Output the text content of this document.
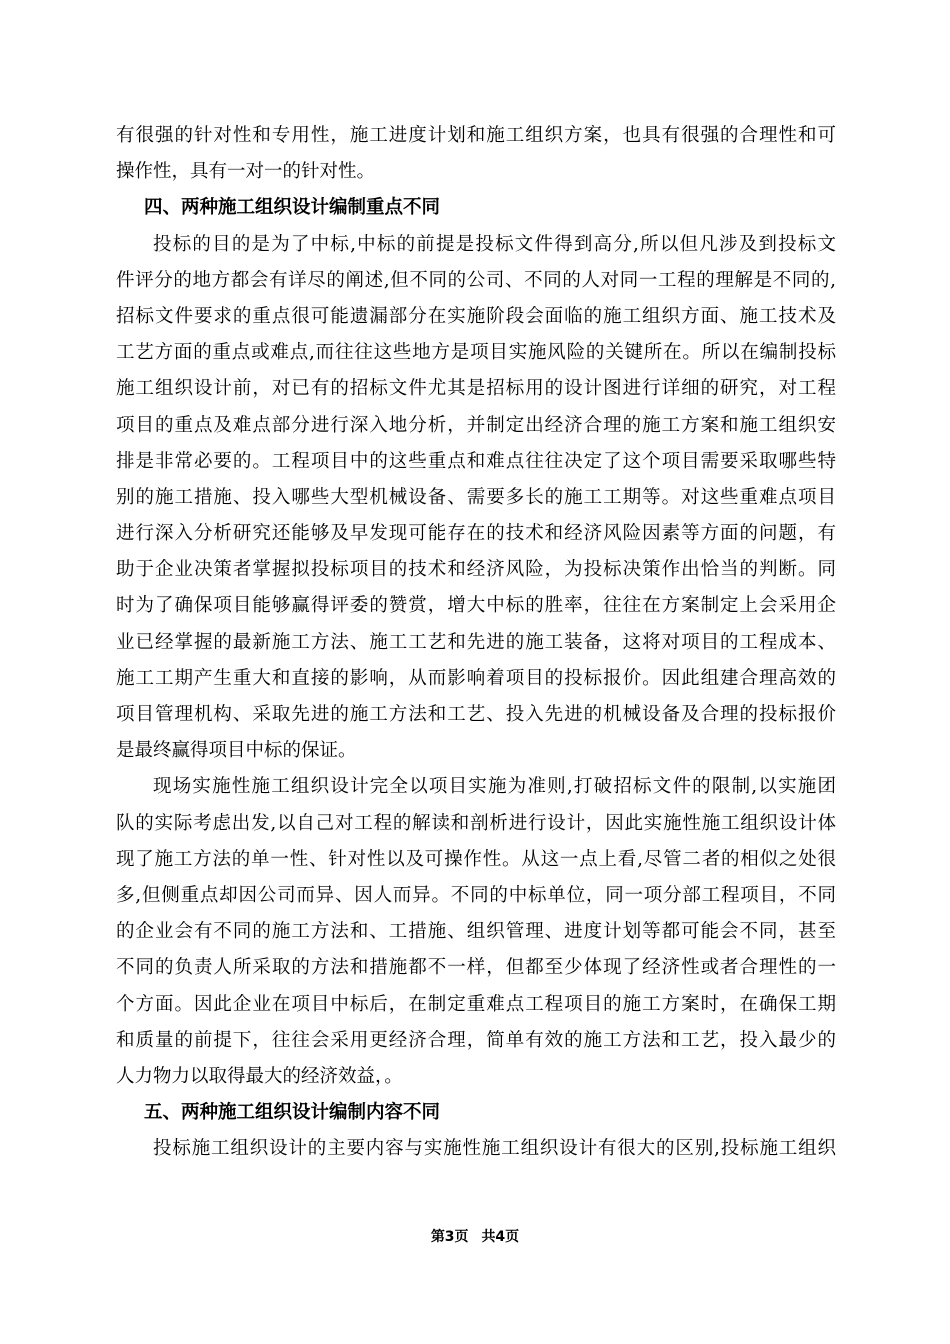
有很强的针对性和专用性，施工进度计划和施工组织方案，也具有很强的合理性和可
操作性，具有一对一的针对性。
四、两种施工组织设计编制重点不同
投标的目的是为了中标,中标的前提是投标文件得到高分,所以但凡涉及到投标文
件评分的地方都会有详尽的阐述,但不同的公司、不同的人对同一工程的理解是不同的,
招标文件要求的重点很可能遗漏部分在实施阶段会面临的施工组织方面、施工技术及
工艺方面的重点或难点,而往往这些地方是项目实施风险的关键所在。所以在编制投标
施工组织设计前，对已有的招标文件尤其是招标用的设计图进行详细的研究，对工程
项目的重点及难点部分进行深入地分析，并制定出经济合理的施工方案和施工组织安
排是非常必要的。工程项目中的这些重点和难点往往决定了这个项目需要采取哪些特
别的施工措施、投入哪些大型机械设备、需要多长的施工工期等。对这些重难点项目
进行深入分析研究还能够及早发现可能存在的技术和经济风险因素等方面的问题，有
助于企业决策者掌握拟投标项目的技术和经济风险，为投标决策作出恰当的判断。同
时为了确保项目能够赢得评委的赞赏，增大中标的胜率，往往在方案制定上会采用企
业已经掌握的最新施工方法、施工工艺和先进的施工装备，这将对项目的工程成本、
施工工期产生重大和直接的影响，从而影响着项目的投标报价。因此组建合理高效的
项目管理机构、采取先进的施工方法和工艺、投入先进的机械设备及合理的投标报价
是最终赢得项目中标的保证。
现场实施性施工组织设计完全以项目实施为准则,打破招标文件的限制,以实施团
队的实际考虑出发,以自己对工程的解读和剖析进行设计，因此实施性施工组织设计体
现了施工方法的单一性、针对性以及可操作性。从这一点上看,尽管二者的相似之处很
多,但侧重点却因公司而异、因人而异。不同的中标单位，同一项分部工程项目，不同
的企业会有不同的施工方法和、工措施、组织管理、进度计划等都可能会不同，甚至
不同的负责人所采取的方法和措施都不一样，但都至少体现了经济性或者合理性的一
个方面。因此企业在项目中标后，在制定重难点工程项目的施工方案时，在确保工期
和质量的前提下，往往会采用更经济合理，简单有效的施工方法和工艺，投入最少的
人力物力以取得最大的经济效益，。
五、两种施工组织设计编制内容不同
投标施工组织设计的主要内容与实施性施工组织设计有很大的区别,投标施工组织
第3页 共4页
